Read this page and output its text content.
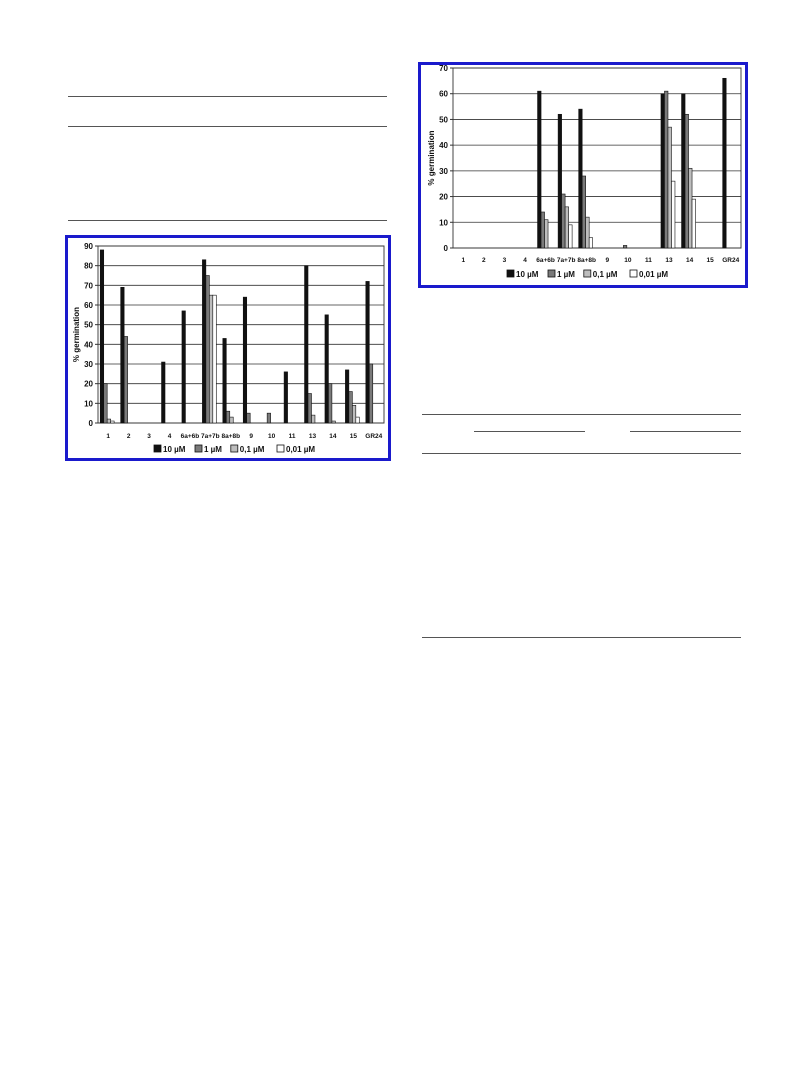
0
10
20
30
40
50
60
70
80
90
% germination
1	2	3	4 6a+6b 7a+7b 8a+8b 9 10 11 13 14 15 GR24
10 µM 1 µM 0,1 µM	0,01 µM
0
10
20
30
40
50
60
70
% germination
1	2	3	4 6a+6b 7a+7b 8a+8b 9 10 11 13 14 15 GR24
10 µM 1 µM 0,1 µM	0,01 µM
